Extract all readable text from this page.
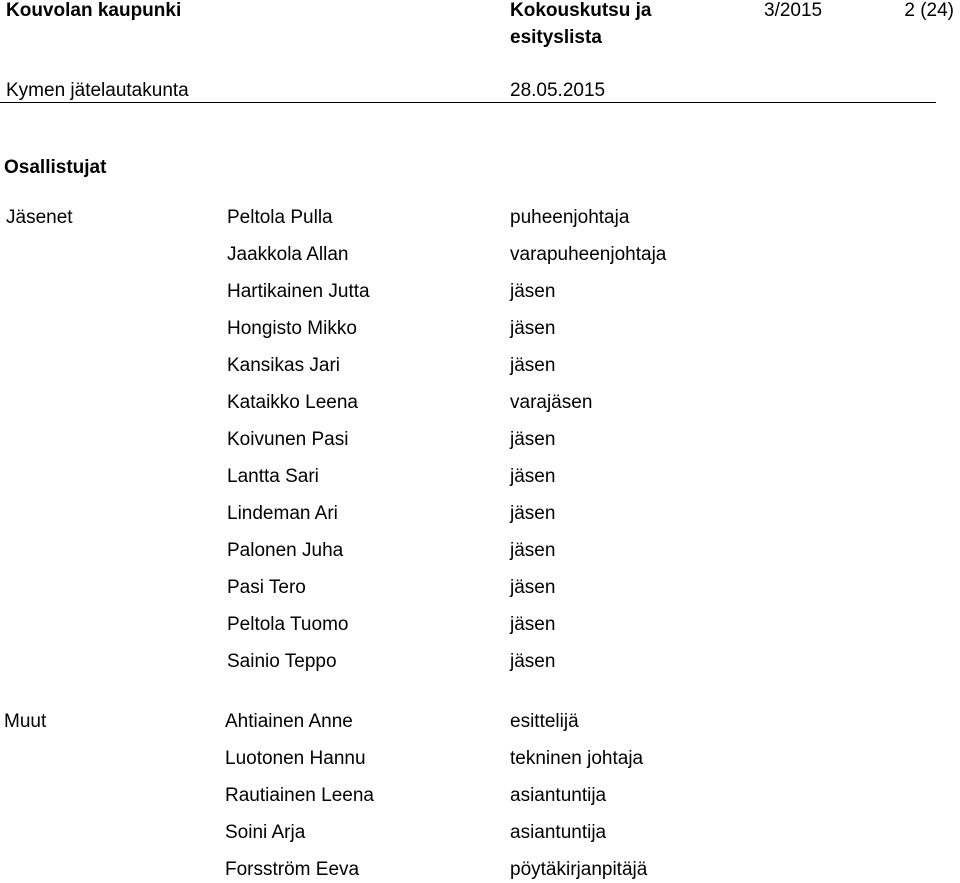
Kouvolan kaupunki	Kokouskutsu ja
esityslista
3/2015	2 (24)
Kymen jätelautakunta	28.05.2015
Osallistujat
Jäsenet	Peltola Pulla	puheenjohtaja
Jaakkola Allan	varapuheenjohtaja
Hartikainen Jutta	jäsen
Hongisto Mikko	jäsen
Kansikas Jari	jäsen
Kataikko Leena	varajäsen
Koivunen Pasi	jäsen
Lantta Sari	jäsen
Lindeman Ari	jäsen
Palonen Juha	jäsen
Pasi Tero	jäsen
Peltola Tuomo	jäsen
Sainio Teppo	jäsen
Muut	Ahtiainen Anne	esittelijä
Luotonen Hannu	tekninen johtaja
Rautiainen Leena	asiantuntija
Soini Arja	asiantuntija
Forsström Eeva	pöytäkirjanpitäjä
